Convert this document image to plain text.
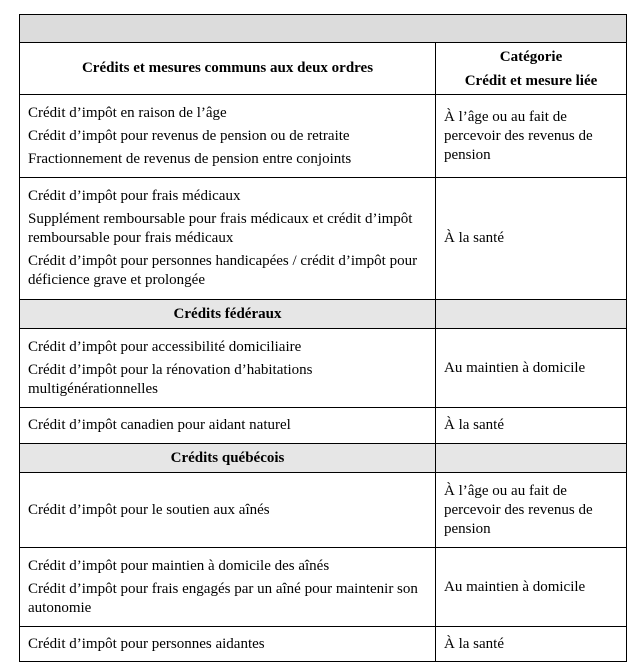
Crédits et mesures communs aux deux ordres	Catégorie
Crédit et mesure liée

Crédit d’impôt en raison de l’âge

Crédit d’impôt pour revenus de pension ou de retraite

Fractionnement de revenus de pension entre conjoints	À l’âge ou au fait de percevoir des revenus de pension

Crédit d’impôt pour frais médicaux

Supplément remboursable pour frais médicaux et crédit d’impôt remboursable pour frais médicaux

Crédit d’impôt pour personnes handicapées / crédit d’impôt pour déficience grave et prolongée	À la santé
Crédits fédéraux	

Crédit d’impôt pour accessibilité domiciliaire

Crédit d’impôt pour la rénovation d’habitations multigénérationnelles	Au maintien à domicile

Crédit d’impôt canadien pour aidant naturel	À la santé
Crédits québécois	

Crédit d’impôt pour le soutien aux aînés	À l’âge ou au fait de percevoir des revenus de pension

Crédit d’impôt pour maintien à domicile des aînés

Crédit d’impôt pour frais engagés par un aîné pour maintenir son autonomie	Au maintien à domicile

Crédit d’impôt pour personnes aidantes	À la santé
